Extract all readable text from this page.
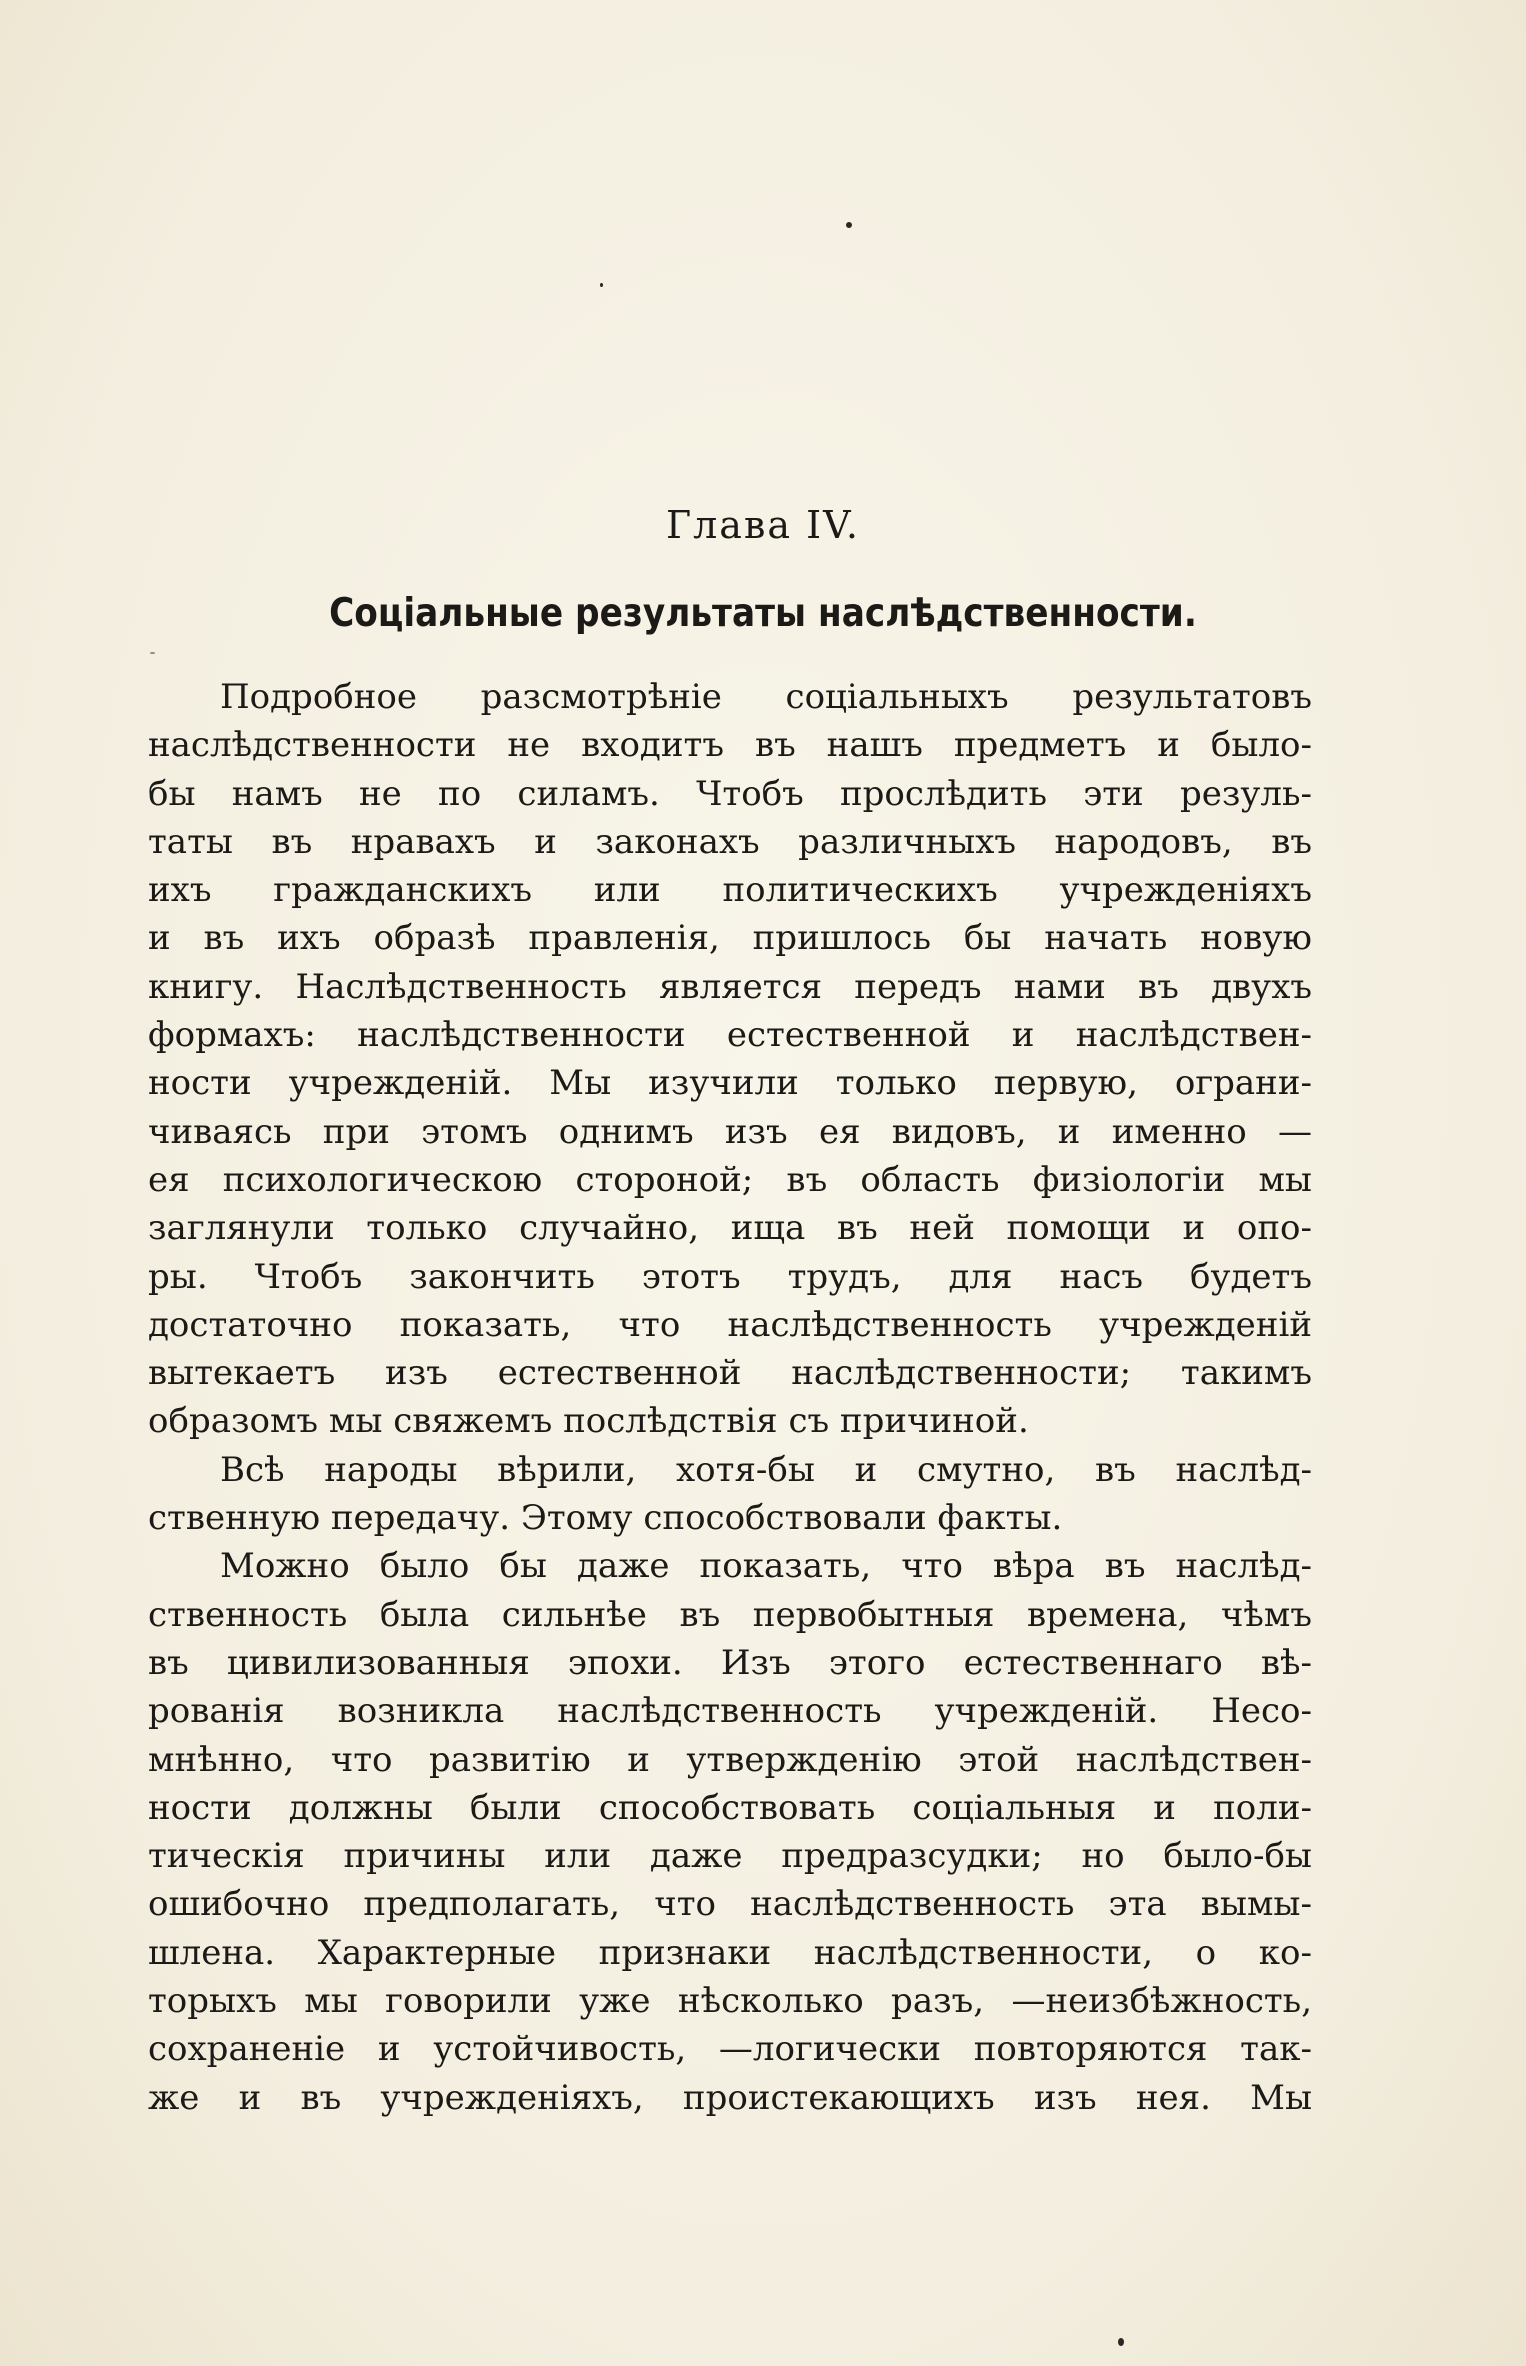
Глава IV.
Соціальные результаты наслѣдственности.
Подробное разсмотрѣніе соціальныхъ результатовъ
наслѣдственности не входитъ въ нашъ предметъ и было-
бы намъ не по силамъ. Чтобъ прослѣдить эти резуль-
таты въ нравахъ и законахъ различныхъ народовъ, въ
ихъ гражданскихъ или политическихъ учрежденіяхъ
и въ ихъ образѣ правленія, пришлось бы начать новую
книгу. Наслѣдственность является передъ нами въ двухъ
формахъ: наслѣдственности естественной и наслѣдствен-
ности учрежденій. Мы изучили только первую, ограни-
чиваясь при этомъ однимъ изъ ея видовъ, и именно —
ея психологическою стороной; въ область физіологіи мы
заглянули только случайно, ища въ ней помощи и опо-
ры. Чтобъ закончить этотъ трудъ, для насъ будетъ
достаточно показать, что наслѣдственность учрежденій
вытекаетъ изъ естественной наслѣдственности; такимъ
образомъ мы свяжемъ послѣдствія съ причиной.
Всѣ народы вѣрили, хотя-бы и смутно, въ наслѣд-
ственную передачу. Этому способствовали факты.
Можно было бы даже показать, что вѣра въ наслѣд-
ственность была сильнѣе въ первобытныя времена, чѣмъ
въ цивилизованныя эпохи. Изъ этого естественнаго вѣ-
рованія возникла наслѣдственность учрежденій. Несо-
мнѣнно, что развитію и утвержденію этой наслѣдствен-
ности должны были способствовать соціальныя и поли-
тическія причины или даже предразсудки; но было-бы
ошибочно предполагать, что наслѣдственность эта вымы-
шлена. Характерные признаки наслѣдственности, о ко-
торыхъ мы говорили уже нѣсколько разъ, —неизбѣжность,
сохраненіе и устойчивость, —логически повторяются так-
же и въ учрежденіяхъ, проистекающихъ изъ нея. Мы
